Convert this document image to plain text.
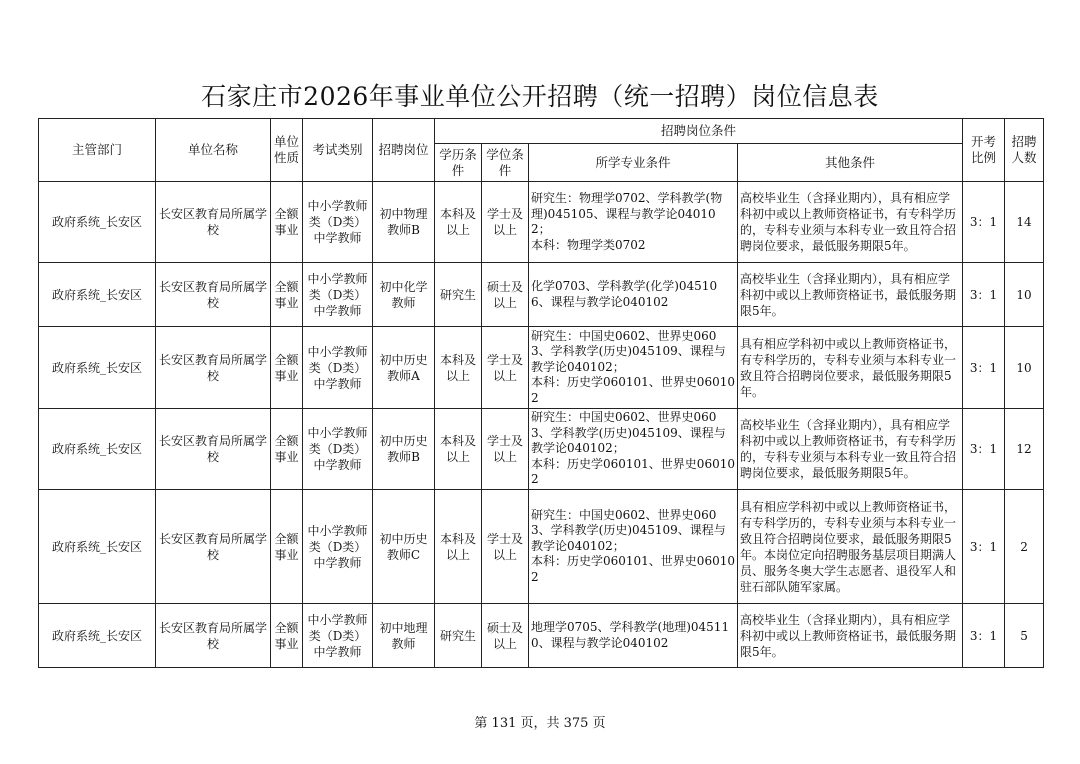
石家庄市2026年事业单位公开招聘（统一招聘）岗位信息表
主管部门	单位名称	单位性质	考试类别	招聘岗位	招聘岗位条件				开考比例	招聘人数
					学历条件	学位条件	所学专业条件	其他条件		
政府系统_长安区	长安区教育局所属学校	全额事业	中小学教师类（D类）中学教师	初中物理教师B	本科及以上	学士及以上	研究生：物理学0702、学科教学(物理)045105、课程与教学论040102；
本科：物理学类0702	高校毕业生（含择业期内），具有相应学科初中或以上教师资格证书，有专科学历的，专科专业须与本科专业一致且符合招聘岗位要求，最低服务期限5年。	3：1	14
政府系统_长安区	长安区教育局所属学校	全额事业	中小学教师类（D类）中学教师	初中化学教师	研究生	硕士及以上	化学0703、学科教学(化学)045106、课程与教学论040102	高校毕业生（含择业期内），具有相应学科初中或以上教师资格证书，最低服务期限5年。	3：1	10
政府系统_长安区	长安区教育局所属学校	全额事业	中小学教师类（D类）中学教师	初中历史教师A	本科及以上	学士及以上	研究生：中国史0602、世界史0603、学科教学(历史)045109、课程与教学论040102；
本科：历史学060101、世界史060102	具有相应学科初中或以上教师资格证书，有专科学历的，专科专业须与本科专业一致且符合招聘岗位要求，最低服务期限5年。	3：1	10
政府系统_长安区	长安区教育局所属学校	全额事业	中小学教师类（D类）中学教师	初中历史教师B	本科及以上	学士及以上	研究生：中国史0602、世界史0603、学科教学(历史)045109、课程与教学论040102；
本科：历史学060101、世界史060102	高校毕业生（含择业期内），具有相应学科初中或以上教师资格证书，有专科学历的，专科专业须与本科专业一致且符合招聘岗位要求，最低服务期限5年。	3：1	12
政府系统_长安区	长安区教育局所属学校	全额事业	中小学教师类（D类）中学教师	初中历史教师C	本科及以上	学士及以上	研究生：中国史0602、世界史0603、学科教学(历史)045109、课程与教学论040102；
本科：历史学060101、世界史060102	具有相应学科初中或以上教师资格证书，有专科学历的，专科专业须与本科专业一致且符合招聘岗位要求，最低服务期限5年。本岗位定向招聘服务基层项目期满人员、服务冬奥大学生志愿者、退役军人和驻石部队随军家属。	3：1	2
政府系统_长安区	长安区教育局所属学校	全额事业	中小学教师类（D类）中学教师	初中地理教师	研究生	硕士及以上	地理学0705、学科教学(地理)045110、课程与教学论040102	高校毕业生（含择业期内），具有相应学科初中或以上教师资格证书，最低服务期限5年。	3：1	5
第 131 页，共 375 页
